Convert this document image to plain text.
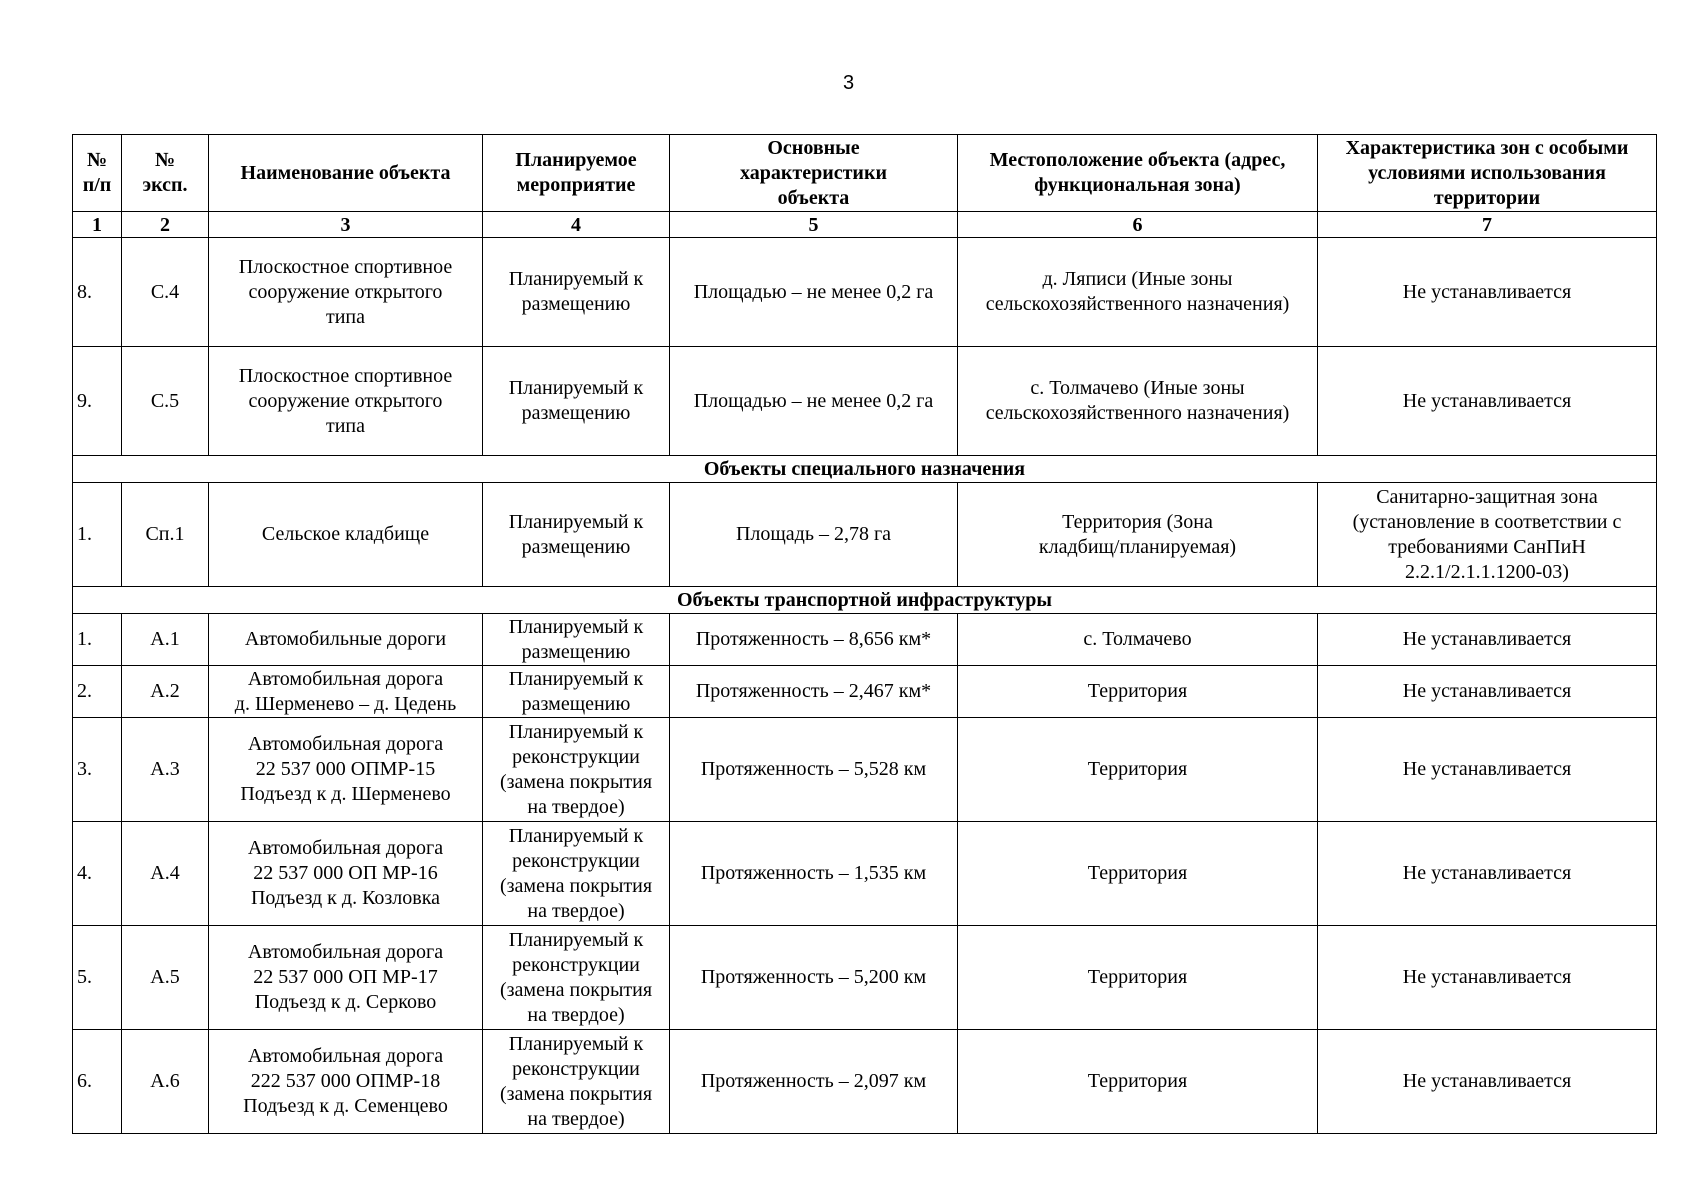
3
№
п/п	№
эксп.	Наименование объекта	Планируемое
мероприятие	Основные
характеристики
объекта	Местоположение объекта (адрес,
функциональная зона)	Характеристика зон с особыми
условиями использования
территории

1	2	3	4	5	6	7

8.	С.4	Плоскостное спортивное
сооружение открытого
типа	Планируемый к
размещению	Площадью – не менее 0,2 га	д. Ляписи (Иные зоны
сельскохозяйственного назначения)	Не устанавливается

9.	С.5	Плоскостное спортивное
сооружение открытого
типа	Планируемый к
размещению	Площадью – не менее 0,2 га	с. Толмачево (Иные зоны
сельскохозяйственного назначения)	Не устанавливается

Объекты специального назначения						

1.	Сп.1	Сельское кладбище	Планируемый к
размещению	Площадь – 2,78 га	Территория (Зона
кладбищ/планируемая)	Санитарно-защитная зона
(установление в соответствии с
требованиями СанПиН
2.2.1/2.1.1.1200-03)

Объекты транспортной инфраструктуры						

1.	А.1	Автомобильные дороги	Планируемый к
размещению	Протяженность – 8,656 км*	с. Толмачево	Не устанавливается

2.	А.2	Автомобильная дорога
д. Шерменево – д. Цедень	Планируемый к
размещению	Протяженность – 2,467 км*	Территория	Не устанавливается

3.	А.3	Автомобильная дорога
22 537 000 ОПМР-15
Подъезд к д. Шерменево	Планируемый к
реконструкции
(замена покрытия
на твердое)	Протяженность – 5,528 км	Территория	Не устанавливается

4.	А.4	Автомобильная дорога
22 537 000 ОП МР-16
Подъезд к д. Козловка	Планируемый к
реконструкции
(замена покрытия
на твердое)	Протяженность – 1,535 км	Территория	Не устанавливается

5.	А.5	Автомобильная дорога
22 537 000 ОП МР-17
Подъезд к д. Серково	Планируемый к
реконструкции
(замена покрытия
на твердое)	Протяженность – 5,200 км	Территория	Не устанавливается

6.	А.6	Автомобильная дорога
222 537 000 ОПМР-18
Подъезд к д. Семенцево	Планируемый к
реконструкции
(замена покрытия
на твердое)	Протяженность – 2,097 км	Территория	Не устанавливается
